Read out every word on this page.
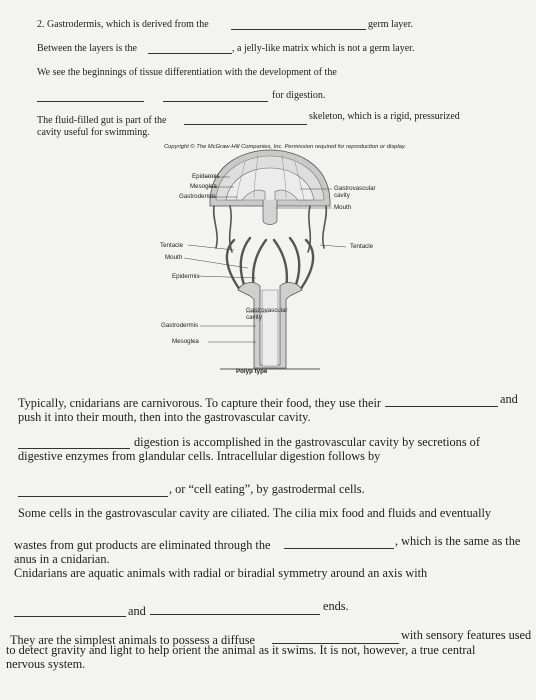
2. Gastrodermis, which is derived from the	germ layer.
Between the layers is the	, a jelly-like matrix which is not a germ layer.
We see the beginnings of tissue differentiation with the development of the
for digestion.
The fluid-filled gut is part of the	skeleton, which is a rigid, pressurized
cavity useful for swimming.
Copyright © The McGraw-Hill Companies, Inc. Permission required for reproduction or display.
Epidermis
Mesoglea
Gastrodermis
Gastrovascular
cavity
Mouth
Tentacle
Tentacle
Mouth
Epidermis
Gastrovascular
cavity
Gastrodermis
Mesoglea
Polyp type
Typically, cnidarians are carnivorous. To capture their food, they use their	and
push it into their mouth, then into the gastrovascular cavity.
digestion is accomplished in the gastrovascular cavity by secretions of
digestive enzymes from glandular cells. Intracellular digestion follows by
, or “cell eating”, by gastrodermal cells.
Some cells in the gastrovascular cavity are ciliated. The cilia mix food and fluids and eventually
wastes from gut products are eliminated through the	, which is the same as the
anus in a cnidarian.
Cnidarians are aquatic animals with radial or biradial symmetry around an axis with
and	ends.
They are the simplest animals to possess a diffuse	with sensory features used
to detect gravity and light to help orient the animal as it swims. It is not, however, a true central
nervous system.
